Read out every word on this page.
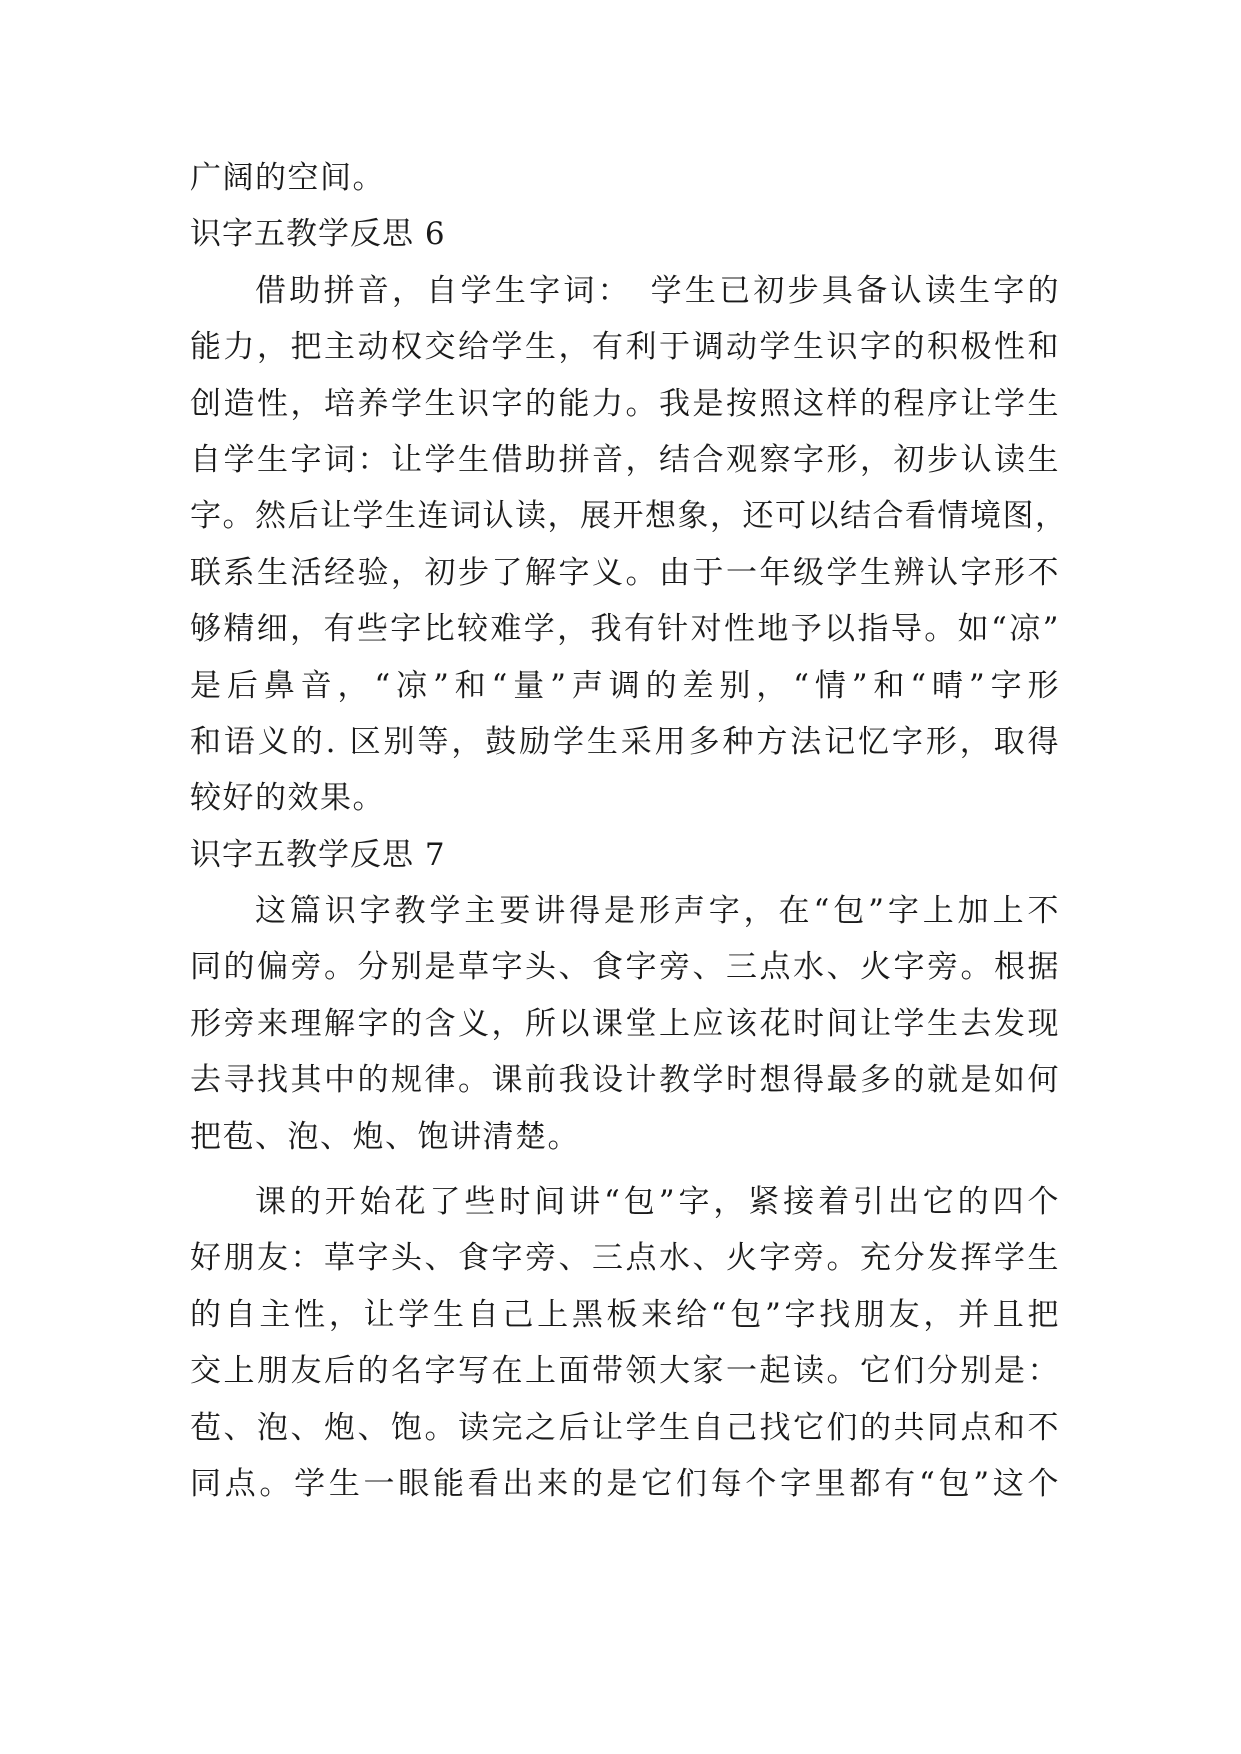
广阔的空间。
识字五教学反思 6
借助拼音，自学生字词：　学生已初步具备认读生字的
能力，把主动权交给学生，有利于调动学生识字的积极性和
创造性，培养学生识字的能力。我是按照这样的程序让学生
自学生字词：让学生借助拼音，结合观察字形，初步认读生
字。然后让学生连词认读，展开想象，还可以结合看情境图，
联系生活经验，初步了解字义。由于一年级学生辨认字形不
够精细，有些字比较难学，我有针对性地予以指导。如“凉”
是后鼻音，“凉”和“量”声调的差别，“情”和“晴”字形
和语义的. 区别等，鼓励学生采用多种方法记忆字形，取得
较好的效果。
识字五教学反思 7
这篇识字教学主要讲得是形声字，在“包”字上加上不
同的偏旁。分别是草字头、食字旁、三点水、火字旁。根据
形旁来理解字的含义，所以课堂上应该花时间让学生去发现
去寻找其中的规律。课前我设计教学时想得最多的就是如何
把苞、泡、炮、饱讲清楚。
课的开始花了些时间讲“包”字，紧接着引出它的四个
好朋友：草字头、食字旁、三点水、火字旁。充分发挥学生
的自主性，让学生自己上黑板来给“包”字找朋友，并且把
交上朋友后的名字写在上面带领大家一起读。它们分别是：
苞、泡、炮、饱。读完之后让学生自己找它们的共同点和不
同点。学生一眼能看出来的是它们每个字里都有“包”这个
